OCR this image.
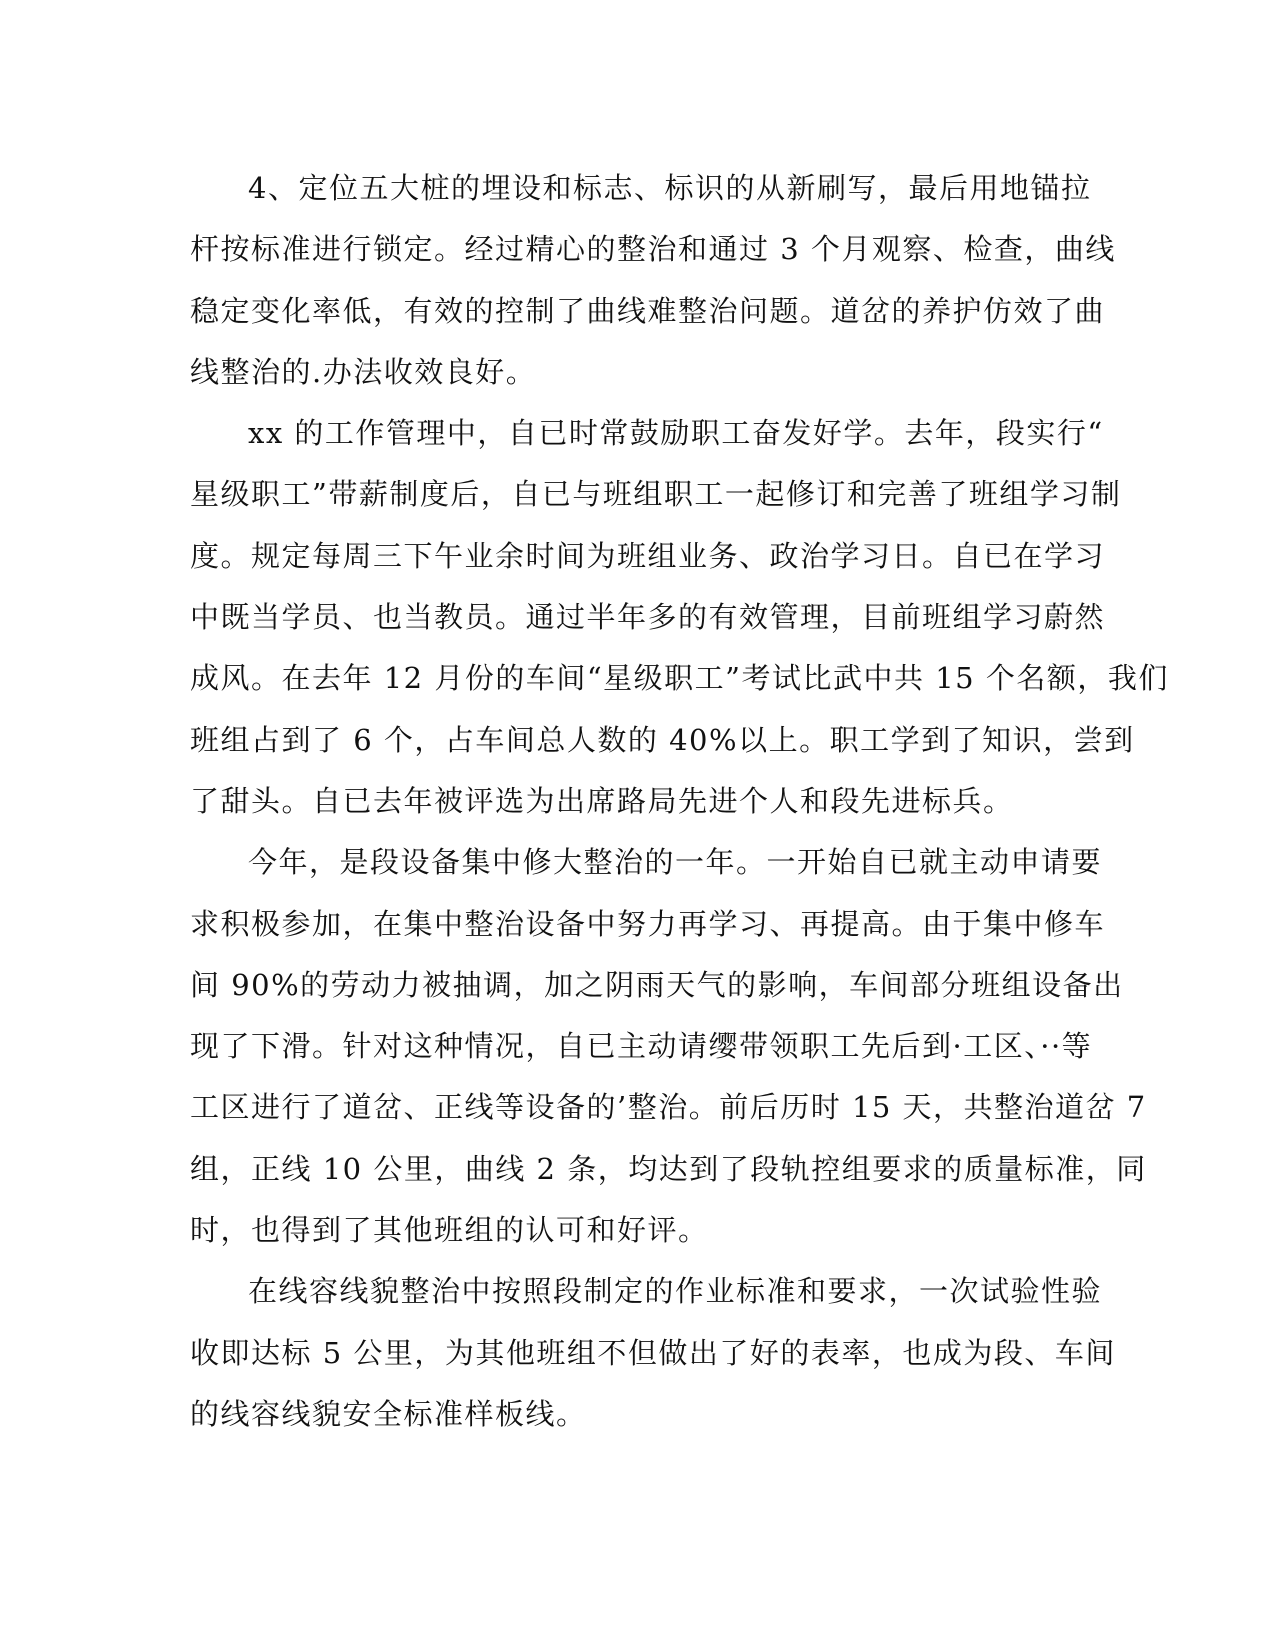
4、定位五大桩的埋设和标志、标识的从新刷写，最后用地锚拉
杆按标准进行锁定。经过精心的整治和通过 3 个月观察、检查，曲线
稳定变化率低，有效的控制了曲线难整治问题。道岔的养护仿效了曲
线整治的.办法收效良好。

xx 的工作管理中，自已时常鼓励职工奋发好学。去年，段实行“
星级职工”带薪制度后，自已与班组职工一起修订和完善了班组学习制
度。规定每周三下午业余时间为班组业务、政治学习日。自已在学习
中既当学员、也当教员。通过半年多的有效管理，目前班组学习蔚然
成风。在去年 12 月份的车间“星级职工”考试比武中共 15 个名额，我们
班组占到了 6 个，占车间总人数的 40%以上。职工学到了知识，尝到
了甜头。自已去年被评选为出席路局先进个人和段先进标兵。

今年，是段设备集中修大整治的一年。一开始自已就主动申请要
求积极参加，在集中整治设备中努力再学习、再提高。由于集中修车
间 90%的劳动力被抽调，加之阴雨天气的影响，车间部分班组设备出
现了下滑。针对这种情况，自已主动请缨带领职工先后到·工区、··等
工区进行了道岔、正线等设备的’整治。前后历时 15 天，共整治道岔 7
组，正线 10 公里，曲线 2 条，均达到了段轨控组要求的质量标准，同
时，也得到了其他班组的认可和好评。

在线容线貌整治中按照段制定的作业标准和要求，一次试验性验
收即达标 5 公里，为其他班组不但做出了好的表率，也成为段、车间
的线容线貌安全标准样板线。
